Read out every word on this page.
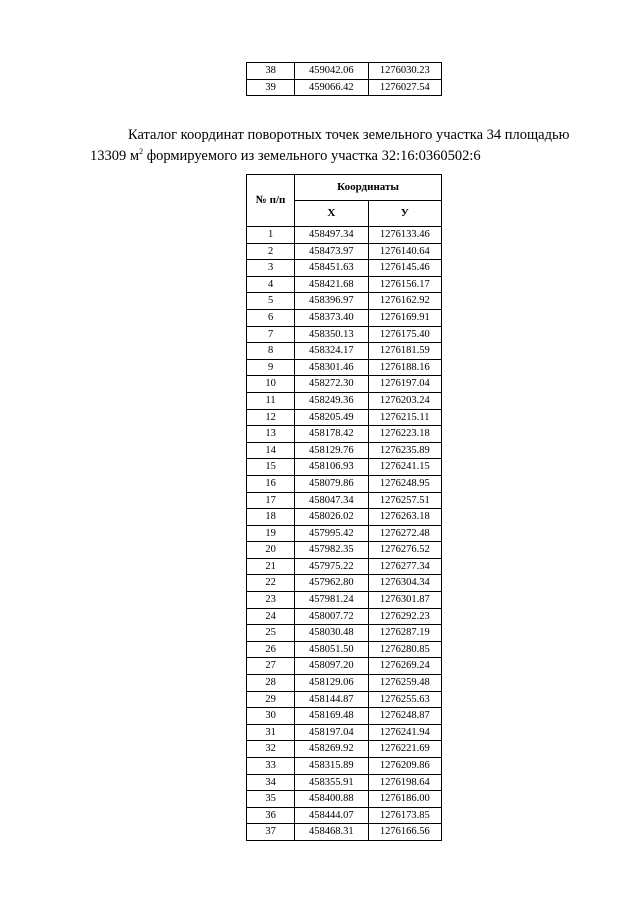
38	459042.06	1276030.23
39	459066.42	1276027.54
Каталог координат поворотных точек земельного участка 34 площадью
13309 $м^2$ формируемого из земельного участка 32:16:0360502:6
№ п/п	Координаты	
	X	У
1	458497.34	1276133.46
2	458473.97	1276140.64
3	458451.63	1276145.46
4	458421.68	1276156.17
5	458396.97	1276162.92
6	458373.40	1276169.91
7	458350.13	1276175.40
8	458324.17	1276181.59
9	458301.46	1276188.16
10	458272.30	1276197.04
11	458249.36	1276203.24
12	458205.49	1276215.11
13	458178.42	1276223.18
14	458129.76	1276235.89
15	458106.93	1276241.15
16	458079.86	1276248.95
17	458047.34	1276257.51
18	458026.02	1276263.18
19	457995.42	1276272.48
20	457982.35	1276276.52
21	457975.22	1276277.34
22	457962.80	1276304.34
23	457981.24	1276301.87
24	458007.72	1276292.23
25	458030.48	1276287.19
26	458051.50	1276280.85
27	458097.20	1276269.24
28	458129.06	1276259.48
29	458144.87	1276255.63
30	458169.48	1276248.87
31	458197.04	1276241.94
32	458269.92	1276221.69
33	458315.89	1276209.86
34	458355.91	1276198.64
35	458400.88	1276186.00
36	458444.07	1276173.85
37	458468.31	1276166.56
